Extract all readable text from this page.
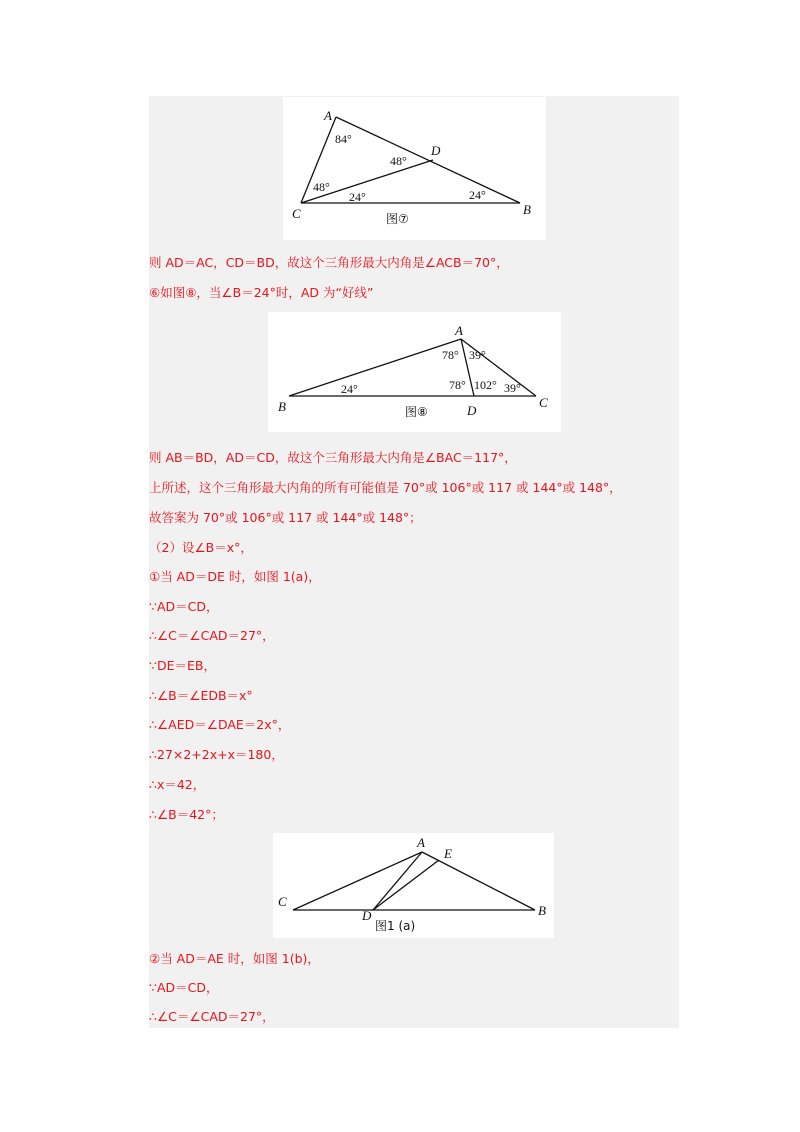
A
C	B
D
84°
48°
48°
24°	24°
图⑦
则 AD＝AC，CD＝BD，故这个三角形最大内角是∠ACB＝70°，
⑥如图⑧，当∠B＝24°时，AD 为“好线”
A
B	C
D
78° 39°
78° 102° 39°
24°
图⑧
则 AB＝BD，AD＝CD，故这个三角形最大内角是∠BAC＝117°，
上所述，这个三角形最大内角的所有可能值是 70°或 106°或 117 或 144°或 148°，
故答案为 70°或 106°或 117 或 144°或 148°；
（2）设∠B＝x°，
①当 AD＝DE 时，如图 1(a)，
∵AD＝CD，
∴∠C＝∠CAD＝27°，
∵DE＝EB，
∴∠B＝∠EDB＝x°
∴∠AED＝∠DAE＝2x°，
∴27×2+2x+x＝180，
∴x＝42，
∴∠B＝42°；
A
E
C
B
D
图1 (a)
②当 AD＝AE 时，如图 1(b)，
∵AD＝CD，
∴∠C＝∠CAD＝27°，
